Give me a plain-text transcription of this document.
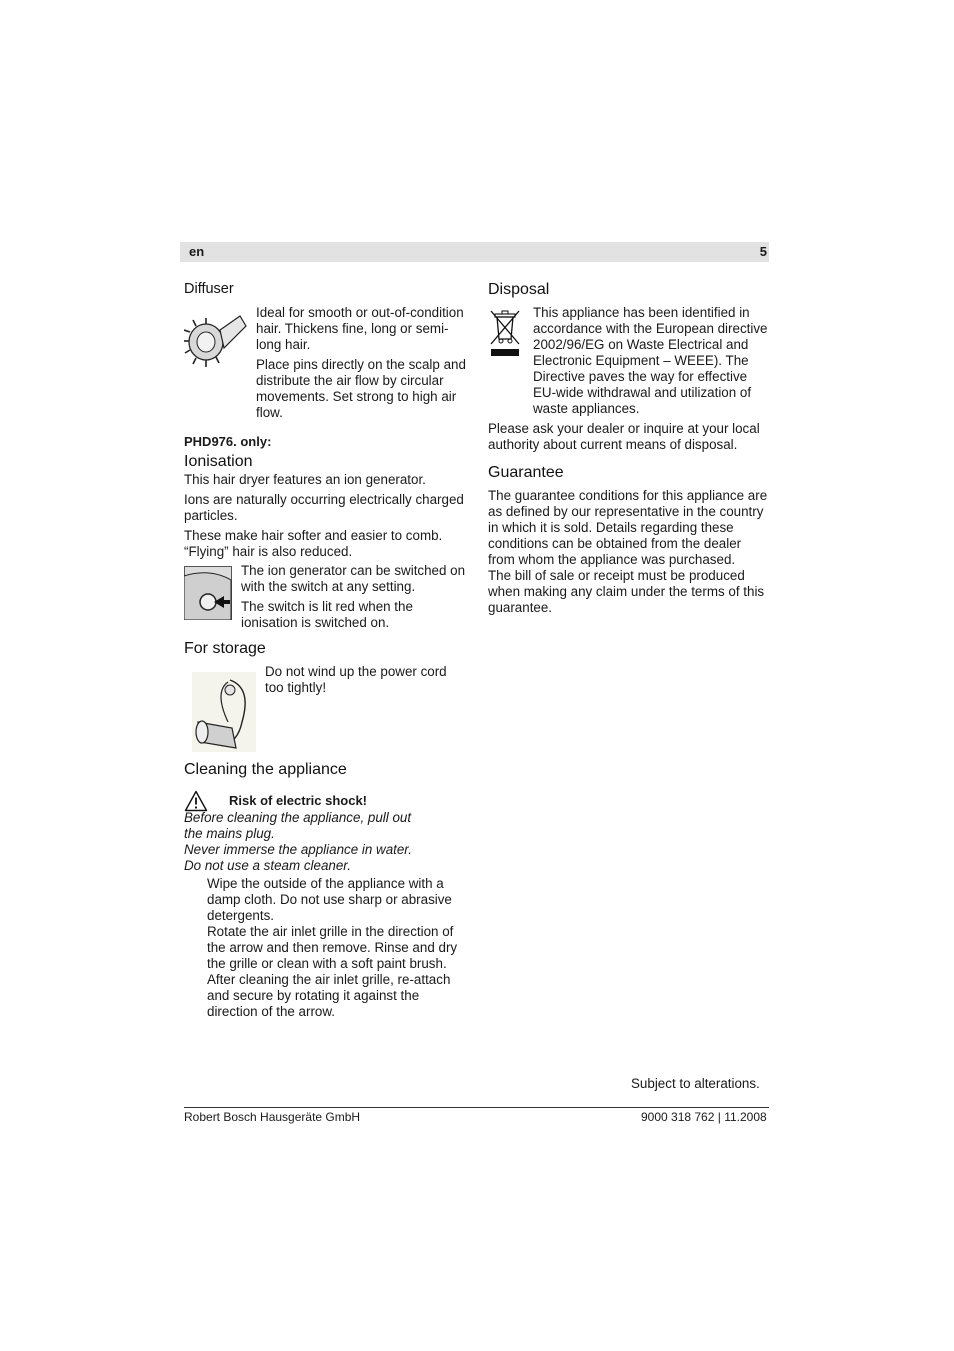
en	5
Diffuser

Ideal for smooth or out-of-condition hair. Thickens fine, long or semi-long hair.

Place pins directly on the scalp and distribute the air flow by circular movements. Set strong to high air flow.

PHD976. only:
Ionisation

This hair dryer features an ion generator.

Ions are naturally occurring electrically charged particles.

These make hair softer and easier to comb. “Flying” hair is also reduced.

The ion generator can be switched on with the switch at any setting.

The switch is lit red when the ionisation is switched on.

For storage

Do not wind up the power cord too tightly!

Cleaning the appliance
Risk of electric shock!
Before cleaning the appliance, pull out the mains plug.
Never immerse the appliance in water.
Do not use a steam cleaner.
Wipe the outside of the appliance with a damp cloth. Do not use sharp or abrasive detergents.
Rotate the air inlet grille in the direction of the arrow and then remove. Rinse and dry the grille or clean with a soft paint brush. After cleaning the air inlet grille, re-attach and secure by rotating it against the direction of the arrow.
Disposal

This appliance has been identified in accordance with the European directive 2002/96/EG on Waste Electrical and Electronic Equipment – WEEE). The Directive paves the way for effective EU-wide withdrawal and utilization of waste appliances.

Please ask your dealer or inquire at your local authority about current means of disposal.

Guarantee
The guarantee conditions for this appliance are as defined by our representative in the country in which it is sold. Details regarding these conditions can be obtained from the dealer from whom the appliance was purchased.
The bill of sale or receipt must be produced when making any claim under the terms of this guarantee.
Subject to alterations.
Robert Bosch Hausgeräte GmbH	9000 318 762 | 11.2008
